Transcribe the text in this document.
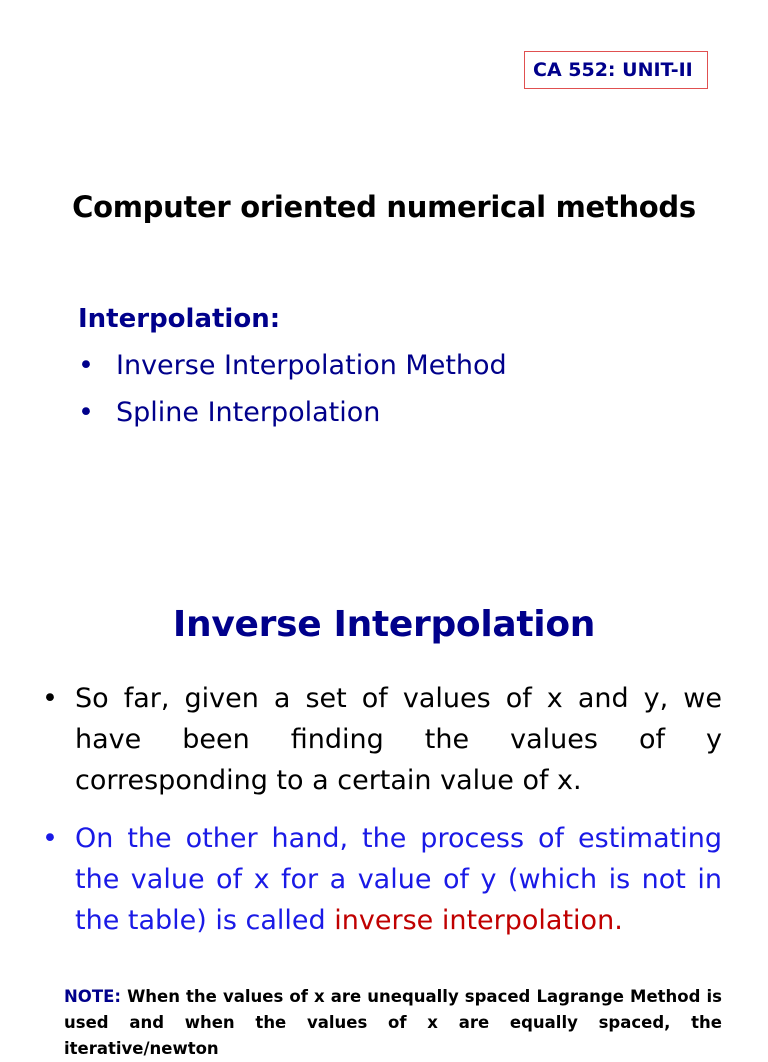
CA 552: UNIT-II
Computer oriented numerical methods
Interpolation:
• Inverse Interpolation Method
• Spline Interpolation
Inverse Interpolation
• So far, given a set of values of x and y, we have been finding the values of y corresponding to a certain value of x.
• On the other hand, the process of estimating the value of x for a value of y (which is not in the table) is called inverse interpolation.
NOTE: When the values of x are unequally spaced Lagrange Method is used and when the values of x are equally spaced, the iterative/newton
